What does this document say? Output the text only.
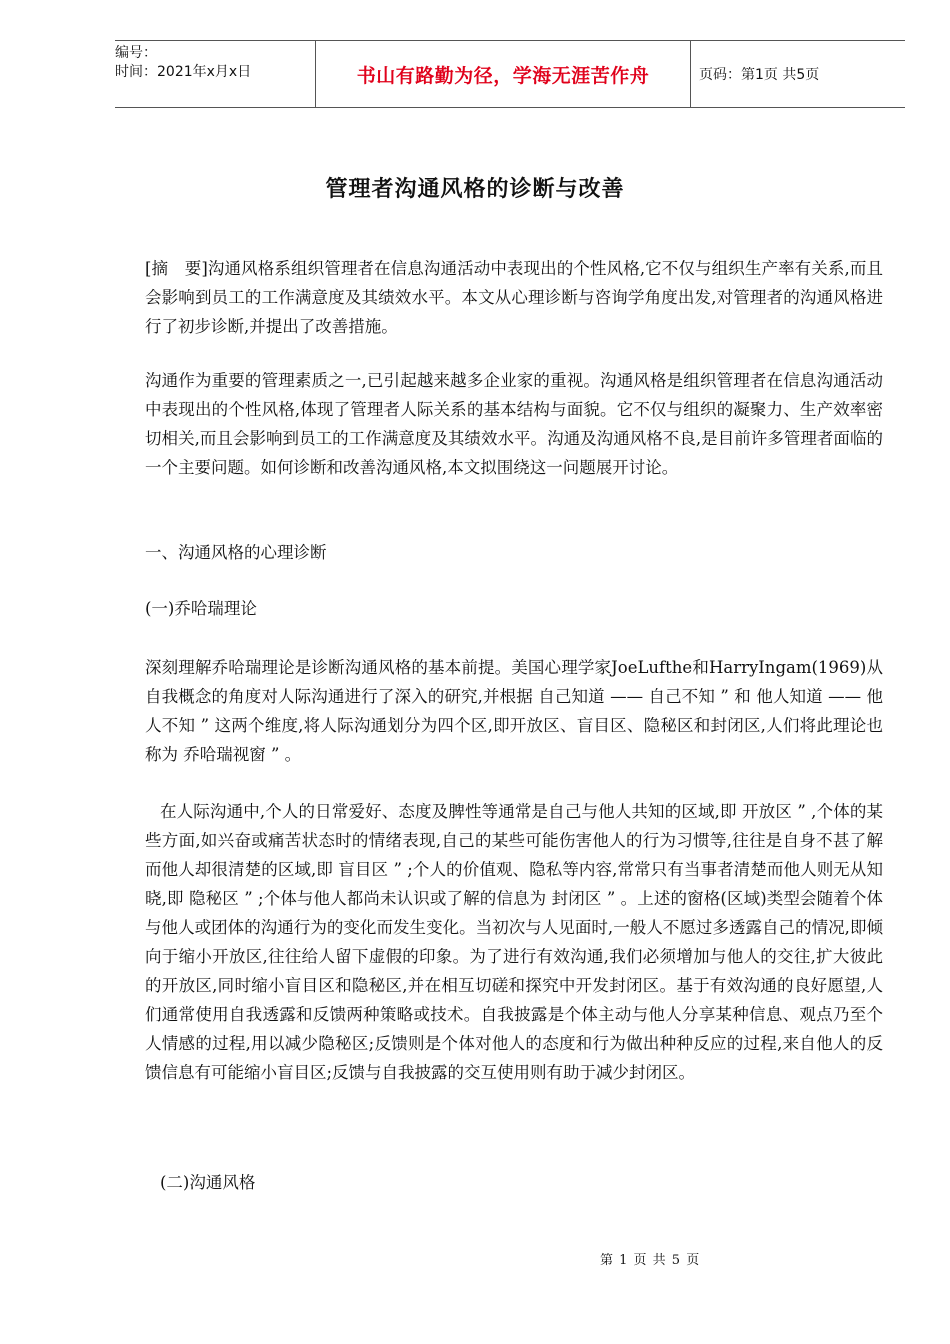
编号：
时间：2021年x月x日	书山有路勤为径，学海无涯苦作舟	页码：第1页 共5页
管理者沟通风格的诊断与改善

[摘　要]沟通风格系组织管理者在信息沟通活动中表现出的个性风格,它不仅与组织生产率有关系,而且会影响到员工的工作满意度及其绩效水平。本文从心理诊断与咨询学角度出发,对管理者的沟通风格进行了初步诊断,并提出了改善措施。

沟通作为重要的管理素质之一,已引起越来越多企业家的重视。沟通风格是组织管理者在信息沟通活动中表现出的个性风格,体现了管理者人际关系的基本结构与面貌。它不仅与组织的凝聚力、生产效率密切相关,而且会影响到员工的工作满意度及其绩效水平。沟通及沟通风格不良,是目前许多管理者面临的一个主要问题。如何诊断和改善沟通风格,本文拟围绕这一问题展开讨论。

一、沟通风格的心理诊断

(一)乔哈瑞理论

深刻理解乔哈瑞理论是诊断沟通风格的基本前提。美国心理学家JoeLufthe和HarryIngam(1969)从自我概念的角度对人际沟通进行了深入的研究,并根据 自己知道 —— 自己不知 ” 和 他人知道 —— 他人不知 ” 这两个维度,将人际沟通划分为四个区,即开放区、盲目区、隐秘区和封闭区,人们将此理论也称为 乔哈瑞视窗 ” 。

在人际沟通中,个人的日常爱好、态度及脾性等通常是自己与他人共知的区域,即 开放区 ” ,个体的某些方面,如兴奋或痛苦状态时的情绪表现,自己的某些可能伤害他人的行为习惯等,往往是自身不甚了解而他人却很清楚的区域,即 盲目区 ” ;个人的价值观、隐私等内容,常常只有当事者清楚而他人则无从知晓,即 隐秘区 ” ;个体与他人都尚未认识或了解的信息为 封闭区 ” 。上述的窗格(区域)类型会随着个体与他人或团体的沟通行为的变化而发生变化。当初次与人见面时,一般人不愿过多透露自己的情况,即倾向于缩小开放区,往往给人留下虚假的印象。为了进行有效沟通,我们必须增加与他人的交往,扩大彼此的开放区,同时缩小盲目区和隐秘区,并在相互切磋和探究中开发封闭区。基于有效沟通的良好愿望,人们通常使用自我透露和反馈两种策略或技术。自我披露是个体主动与他人分享某种信息、观点乃至个人情感的过程,用以减少隐秘区;反馈则是个体对他人的态度和行为做出种种反应的过程,来自他人的反馈信息有可能缩小盲目区;反馈与自我披露的交互使用则有助于减少封闭区。

(二)沟通风格

第 1 页 共 5 页
